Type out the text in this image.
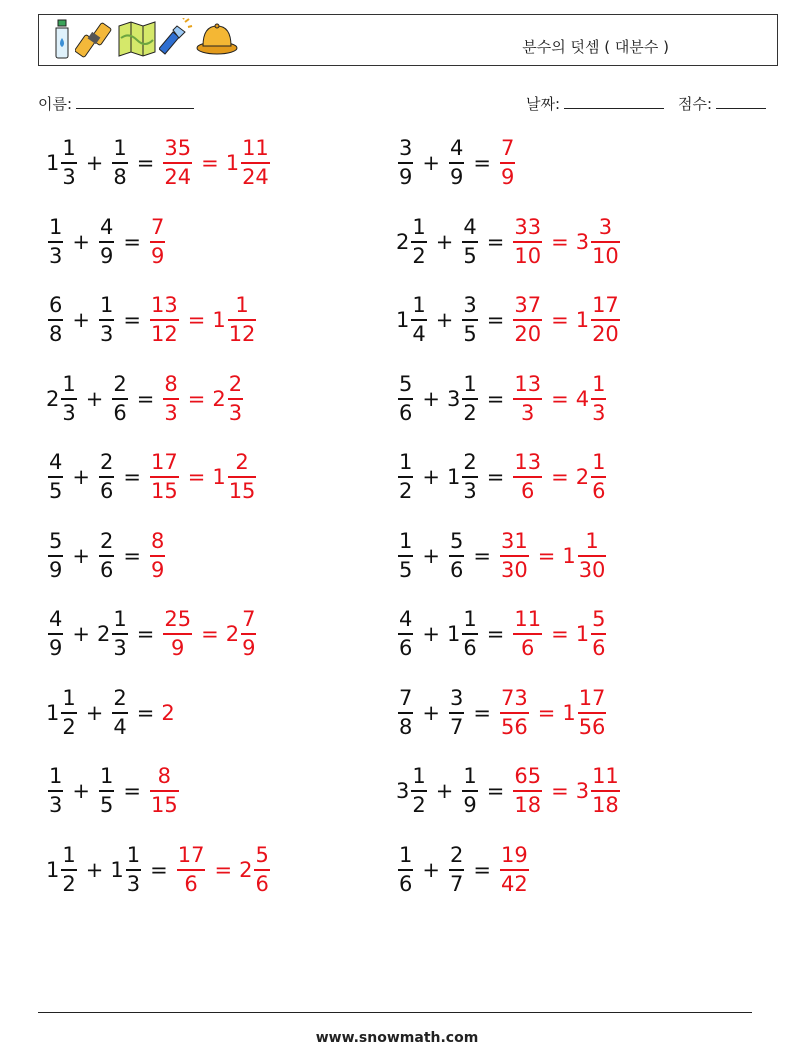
분수의 덧셈 ( 대분수 )
이름:	날짜:	점수:
$1 \frac{1}{3} + \frac{1}{8} = \frac{35}{24} = 1 \frac{11}{24}$	$\frac{3}{9} + \frac{4}{9} = \frac{7}{9}$
$\frac{1}{3} + \frac{4}{9} = \frac{7}{9}$	$2 \frac{1}{2} + \frac{4}{5} = \frac{33}{10} = 3 \frac{3}{10}$
$\frac{6}{8} + \frac{1}{3} = \frac{13}{12} = 1 \frac{1}{12}$	$1 \frac{1}{4} + \frac{3}{5} = \frac{37}{20} = 1 \frac{17}{20}$
$2 \frac{1}{3} + \frac{2}{6} = \frac{8}{3} = 2 \frac{2}{3}$	$\frac{5}{6} + 3 \frac{1}{2} = \frac{13}{3} = 4 \frac{1}{3}$
$\frac{4}{5} + \frac{2}{6} = \frac{17}{15} = 1 \frac{2}{15}$	$\frac{1}{2} + 1 \frac{2}{3} = \frac{13}{6} = 2 \frac{1}{6}$
$\frac{5}{9} + \frac{2}{6} = \frac{8}{9}$	$\frac{1}{5} + \frac{5}{6} = \frac{31}{30} = 1 \frac{1}{30}$
$\frac{4}{9} + 2 \frac{1}{3} = \frac{25}{9} = 2 \frac{7}{9}$	$\frac{4}{6} + 1 \frac{1}{6} = \frac{11}{6} = 1 \frac{5}{6}$
$1 \frac{1}{2} + \frac{2}{4} = 2$	$\frac{7}{8} + \frac{3}{7} = \frac{73}{56} = 1 \frac{17}{56}$
$\frac{1}{3} + \frac{1}{5} = \frac{8}{15}$	$3 \frac{1}{2} + \frac{1}{9} = \frac{65}{18} = 3 \frac{11}{18}$
$1 \frac{1}{2} + 1 \frac{1}{3} = \frac{17}{6} = 2 \frac{5}{6}$	$\frac{1}{6} + \frac{2}{7} = \frac{19}{42}$
www.snowmath.com
